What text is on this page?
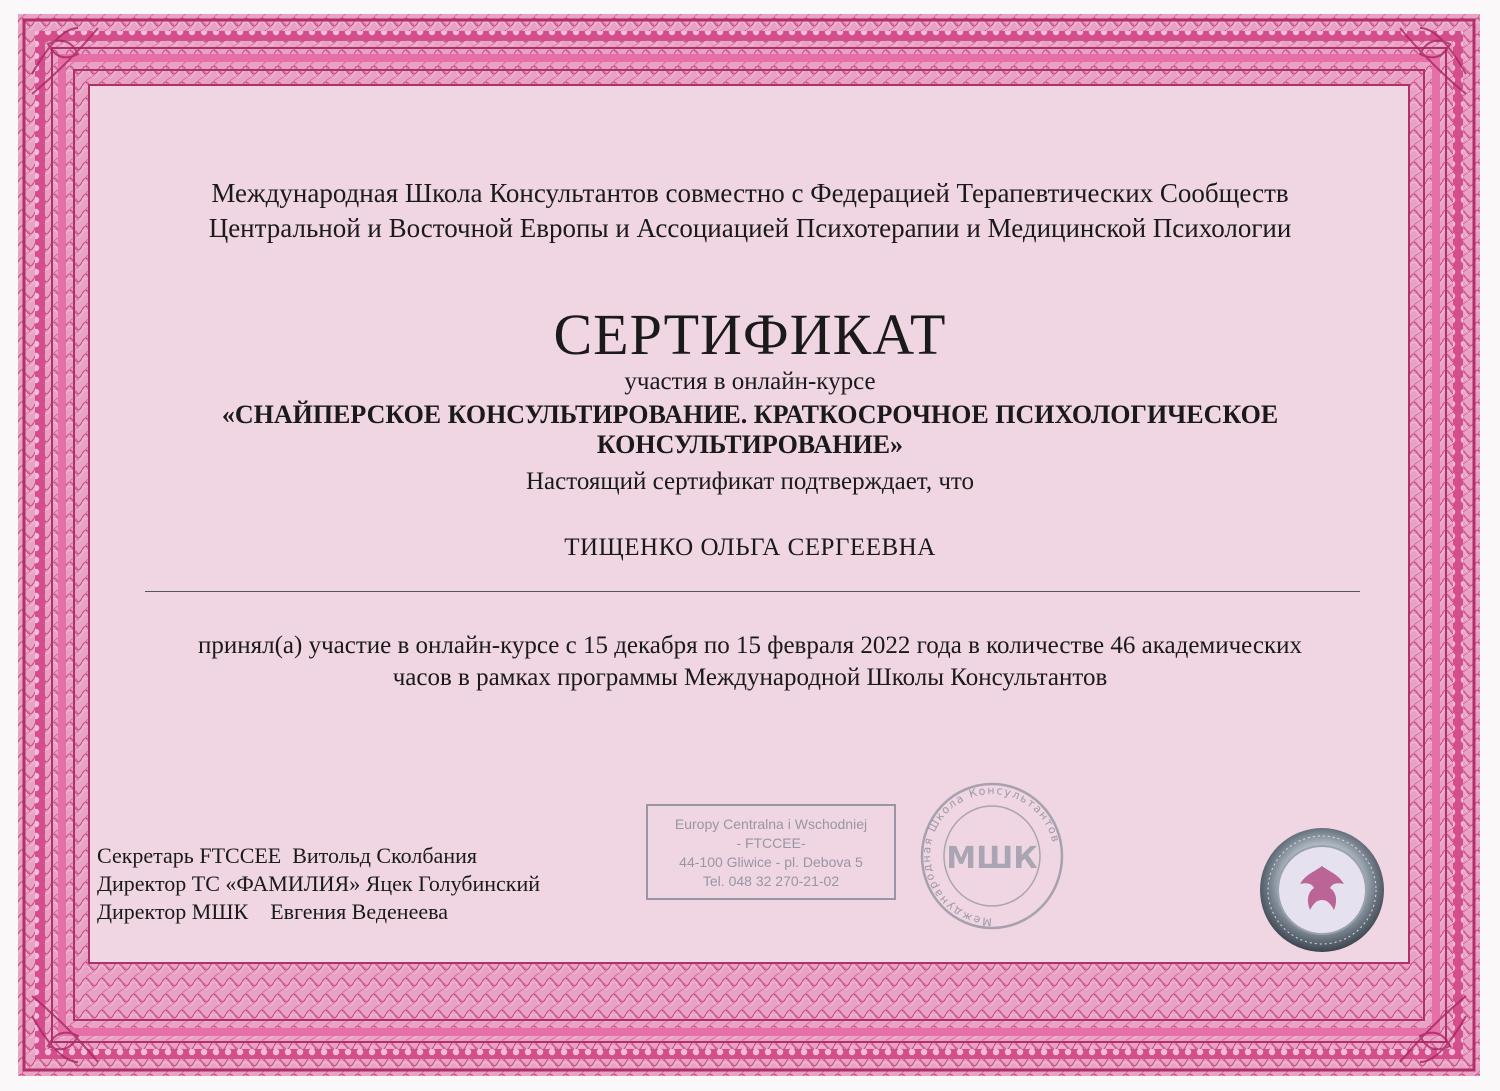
Международная Школа Консультантов совместно с Федерацией Терапевтических Сообществ
Центральной и Восточной Европы и Ассоциацией Психотерапии и Медицинской Психологии
СЕРТИФИКАТ
участия в онлайн-курсе
«СНАЙПЕРСКОЕ КОНСУЛЬТИРОВАНИЕ. КРАТКОСРОЧНОЕ ПСИХОЛОГИЧЕСКОЕ
КОНСУЛЬТИРОВАНИЕ»
Настоящий сертификат подтверждает, что
ТИЩЕНКО ОЛЬГА СЕРГЕЕВНА
принял(а) участие в онлайн-курсе с 15 декабря по 15 февраля 2022 года в количестве 46 академических
часов в рамках программы Международной Школы Консультантов
Секретарь FTCCEE  Витольд Сколбания
Директор ТС «ФАМИЛИЯ» Яцек Голубинский
Директор МШК    Евгения Веденеева
Europy Centralna i Wschodniej
- FTCCEE-
44-100 Gliwice - pl. Debova 5
Tel. 048 32 270-21-02
Международная Школа Консультантов
МШК
